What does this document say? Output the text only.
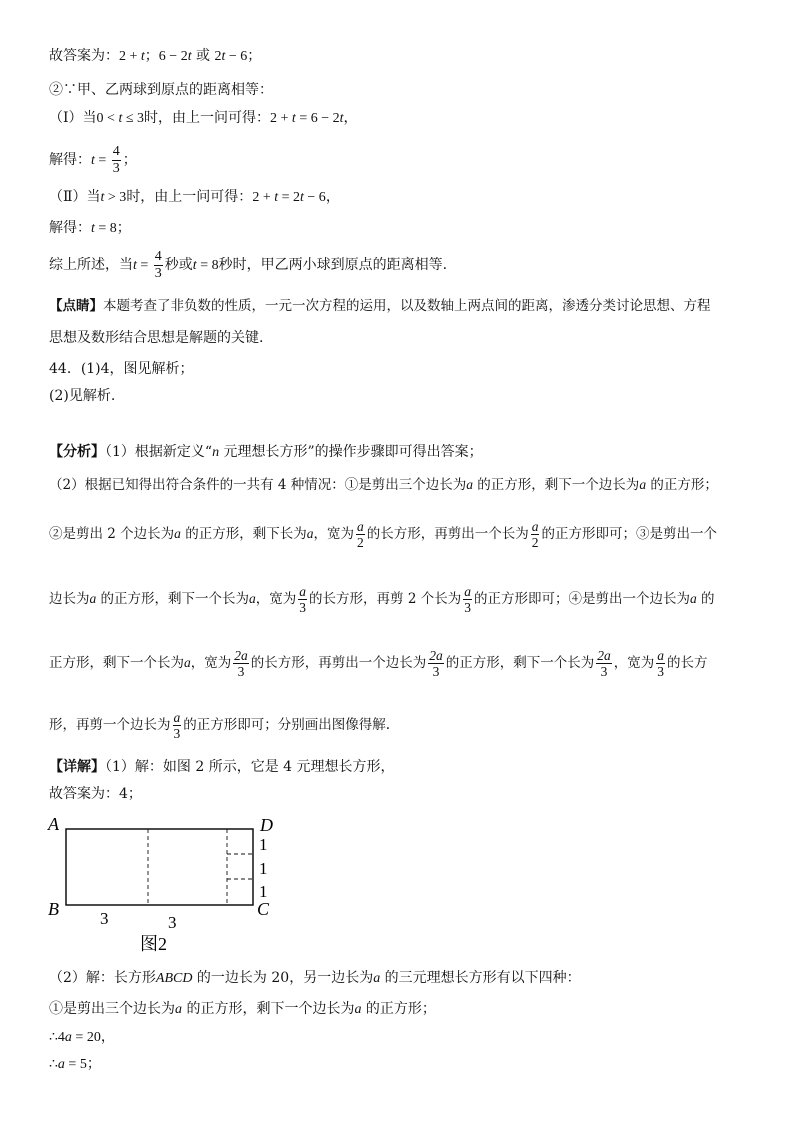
故答案为：2 + t；6 − 2t 或 2t − 6；
②∵甲、乙两球到原点的距离相等：
（Ⅰ）当0 < t ≤ 3时，由上一问可得：2 + t = 6 − 2t，
解得：$t = \frac{4}{3}$ ；
（Ⅱ）当t > 3时，由上一问可得：2 + t = 2t − 6，
解得：t = 8；
综上所述，当$t = \frac{4}{3}$ 秒或t = 8秒时，甲乙两小球到原点的距离相等.
【点睛】本题考查了非负数的性质，一元一次方程的运用，以及数轴上两点间的距离，渗透分类讨论思想、方程
思想及数形结合思想是解题的关键.
44．(1)4，图见解析；
(2)见解析.
【分析】（1）根据新定义“n 元理想长方形”的操作步骤即可得出答案；
（2）根据已知得出符合条件的一共有 4 种情况：①是剪出三个边长为a 的正方形，剩下一个边长为a 的正方形；
②是剪出 2 个边长为a 的正方形，剩下长为a，宽为 $\frac{a}{2}$ 的长方形，再剪出一个长为 $\frac{a}{2}$ 的正方形即可；③是剪出一个
边长为a 的正方形，剩下一个长为a，宽为 $\frac{a}{3}$ 的长方形，再剪 2 个长为 $\frac{a}{3}$ 的正方形即可；④是剪出一个边长为a 的
正方形，剩下一个长为a，宽为 $\frac{2a}{3}$ 的长方形，再剪出一个边长为 $\frac{2a}{3}$ 的正方形，剩下一个长为 $\frac{2a}{3}$ ，宽为 $\frac{a}{3}$ 的长方
形，再剪一个边长为 $\frac{a}{3}$ 的正方形即可；分别画出图像得解.
【详解】（1）解：如图 2 所示，它是 4 元理想长方形，
故答案为：4；
A
B	C
D
1
1
1
3	3
图2
（2）解：长方形ABCD 的一边长为 20，另一边长为a 的三元理想长方形有以下四种：
①是剪出三个边长为a 的正方形，剩下一个边长为a 的正方形；
∴4a = 20，
∴a = 5；
